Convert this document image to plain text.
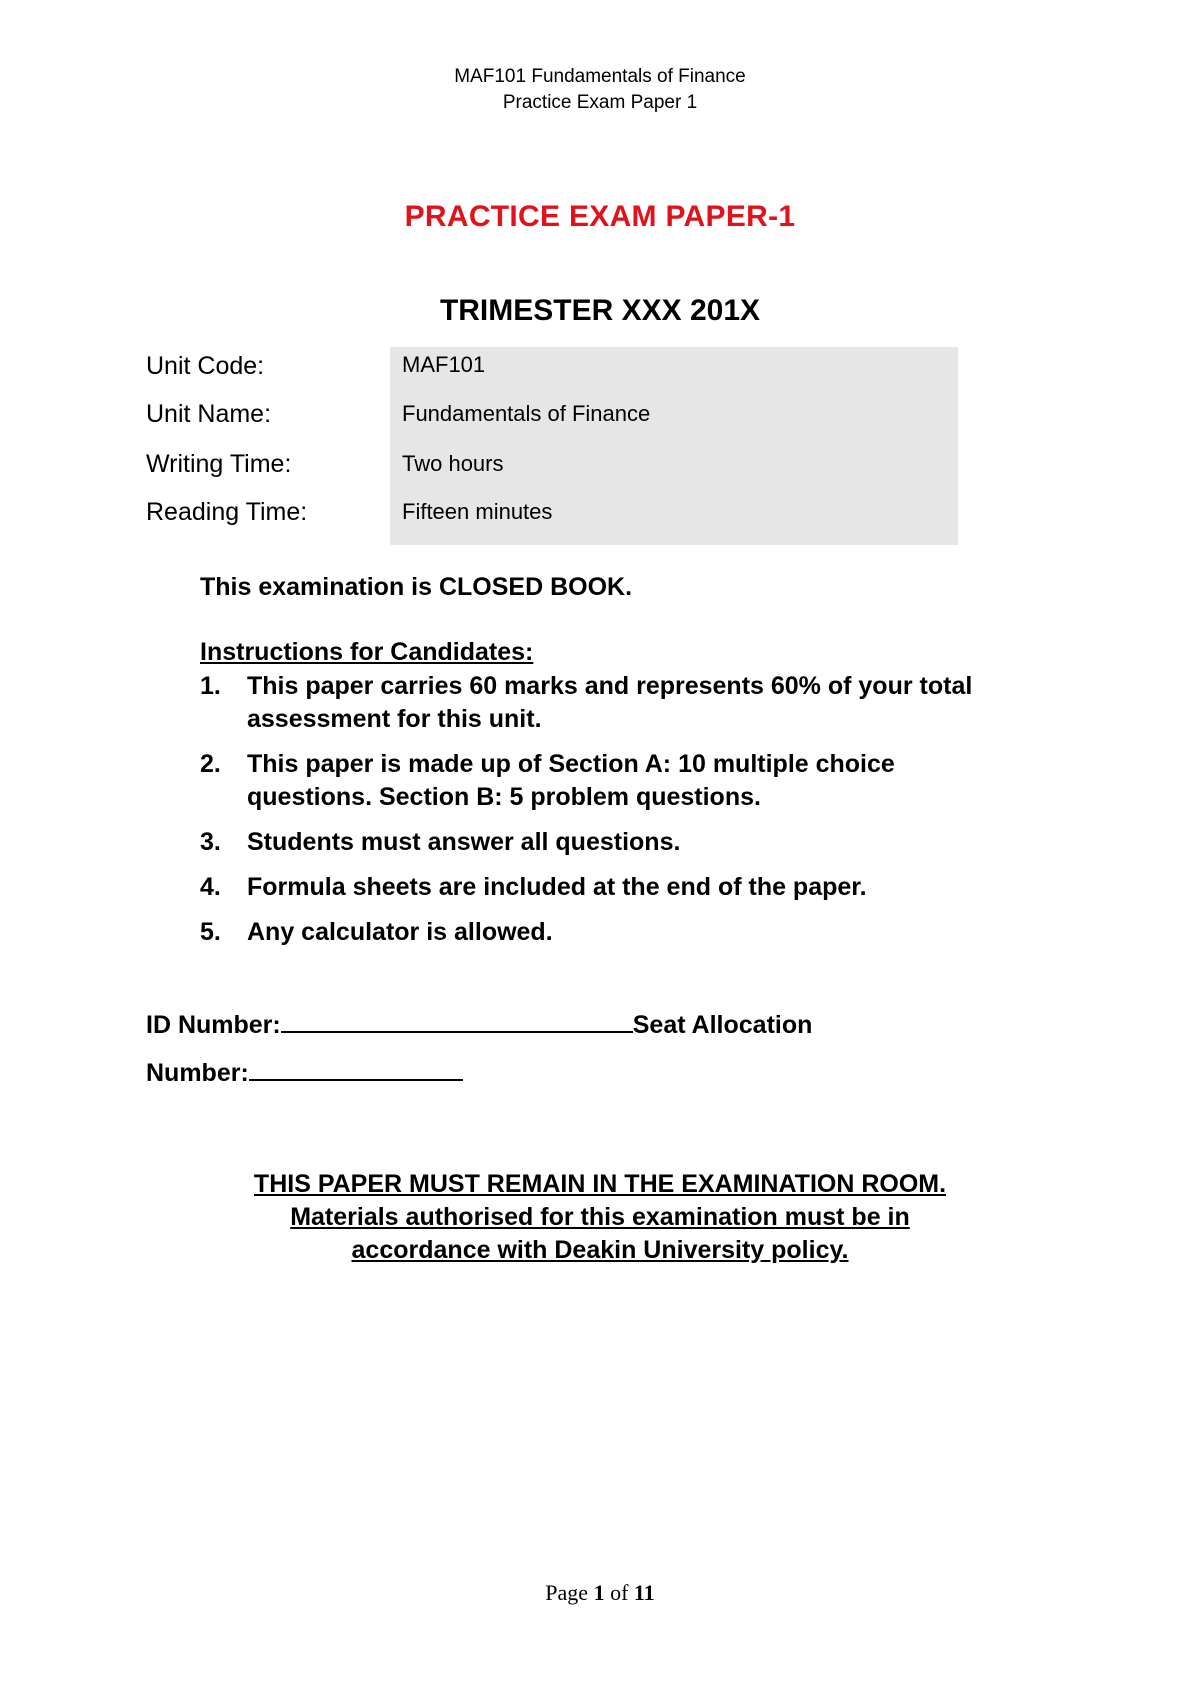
MAF101 Fundamentals of Finance
Practice Exam Paper 1
PRACTICE EXAM PAPER-1
TRIMESTER XXX 201X
Unit Code:	MAF101
Unit Name:	Fundamentals of Finance
Writing Time:	Two hours
Reading Time:	Fifteen minutes
This examination is CLOSED BOOK.
Instructions for Candidates:
1. This paper carries 60 marks and represents 60% of your total assessment for this unit.
2. This paper is made up of Section A: 10 multiple choice questions. Section B: 5 problem questions.
3. Students must answer all questions.
4. Formula sheets are included at the end of the paper.
5. Any calculator is allowed.
ID Number:	Seat Allocation
Number:
THIS PAPER MUST REMAIN IN THE EXAMINATION ROOM.
Materials authorised for this examination must be in
accordance with Deakin University policy.
Page 1 of 11
